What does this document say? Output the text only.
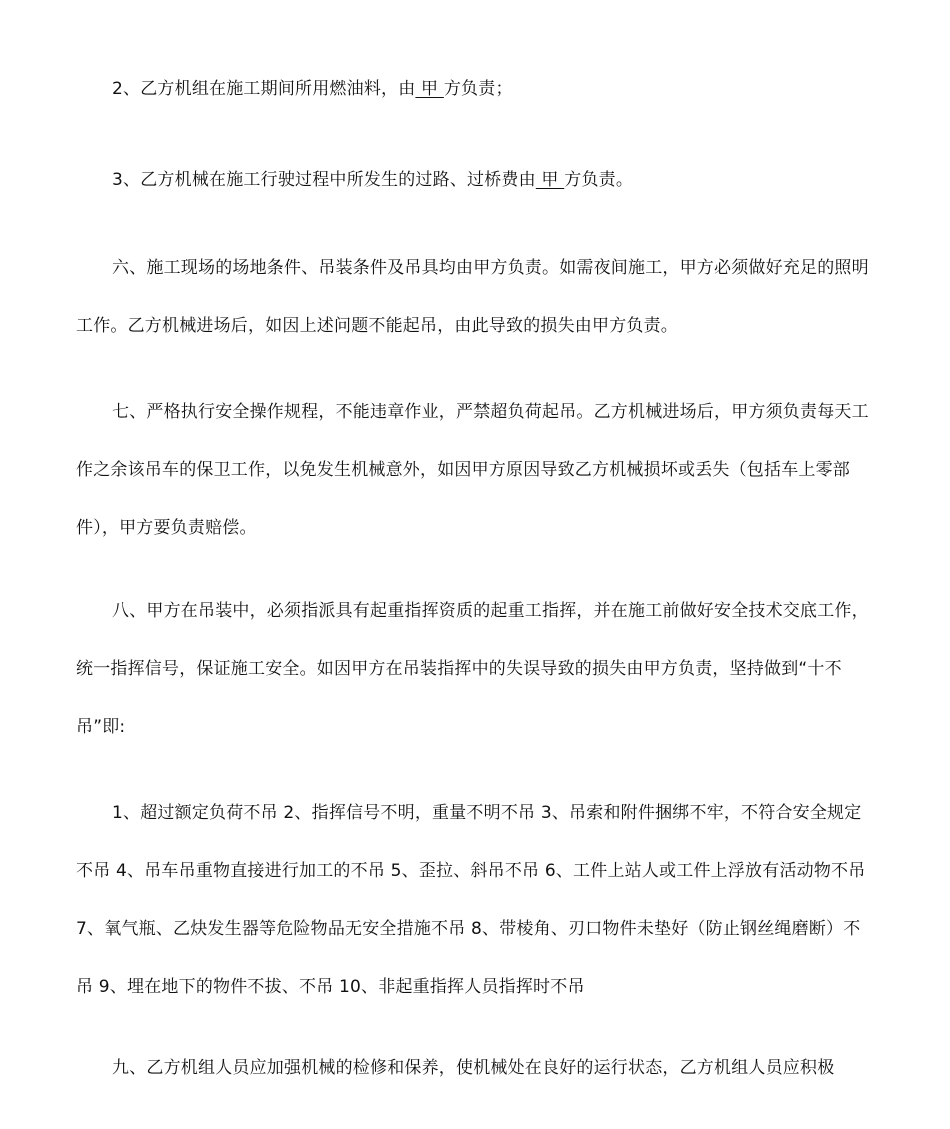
2、乙方机组在施工期间所用燃油料，由 甲 方负责；

3、乙方机械在施工行驶过程中所发生的过路、过桥费由 甲 方负责。

六、施工现场的场地条件、吊装条件及吊具均由甲方负责。如需夜间施工，甲方必须做好充足的照明工作。乙方机械进场后，如因上述问题不能起吊，由此导致的损失由甲方负责。

七、严格执行安全操作规程，不能违章作业，严禁超负荷起吊。乙方机械进场后，甲方须负责每天工作之余该吊车的保卫工作，以免发生机械意外，如因甲方原因导致乙方机械损坏或丢失（包括车上零部件），甲方要负责赔偿。

八、甲方在吊装中，必须指派具有起重指挥资质的起重工指挥，并在施工前做好安全技术交底工作，统一指挥信号，保证施工安全。如因甲方在吊装指挥中的失误导致的损失由甲方负责，坚持做到“十不吊”即:

1、超过额定负荷不吊 2、指挥信号不明，重量不明不吊 3、吊索和附件捆绑不牢，不符合安全规定不吊 4、吊车吊重物直接进行加工的不吊 5、歪拉、斜吊不吊 6、工件上站人或工件上浮放有活动物不吊 7、氧气瓶、乙炔发生器等危险物品无安全措施不吊 8、带棱角、刃口物件未垫好（防止钢丝绳磨断）不吊 9、埋在地下的物件不拔、不吊 10、非起重指挥人员指挥时不吊

九、乙方机组人员应加强机械的检修和保养，使机械处在良好的运行状态，乙方机组人员应积极
